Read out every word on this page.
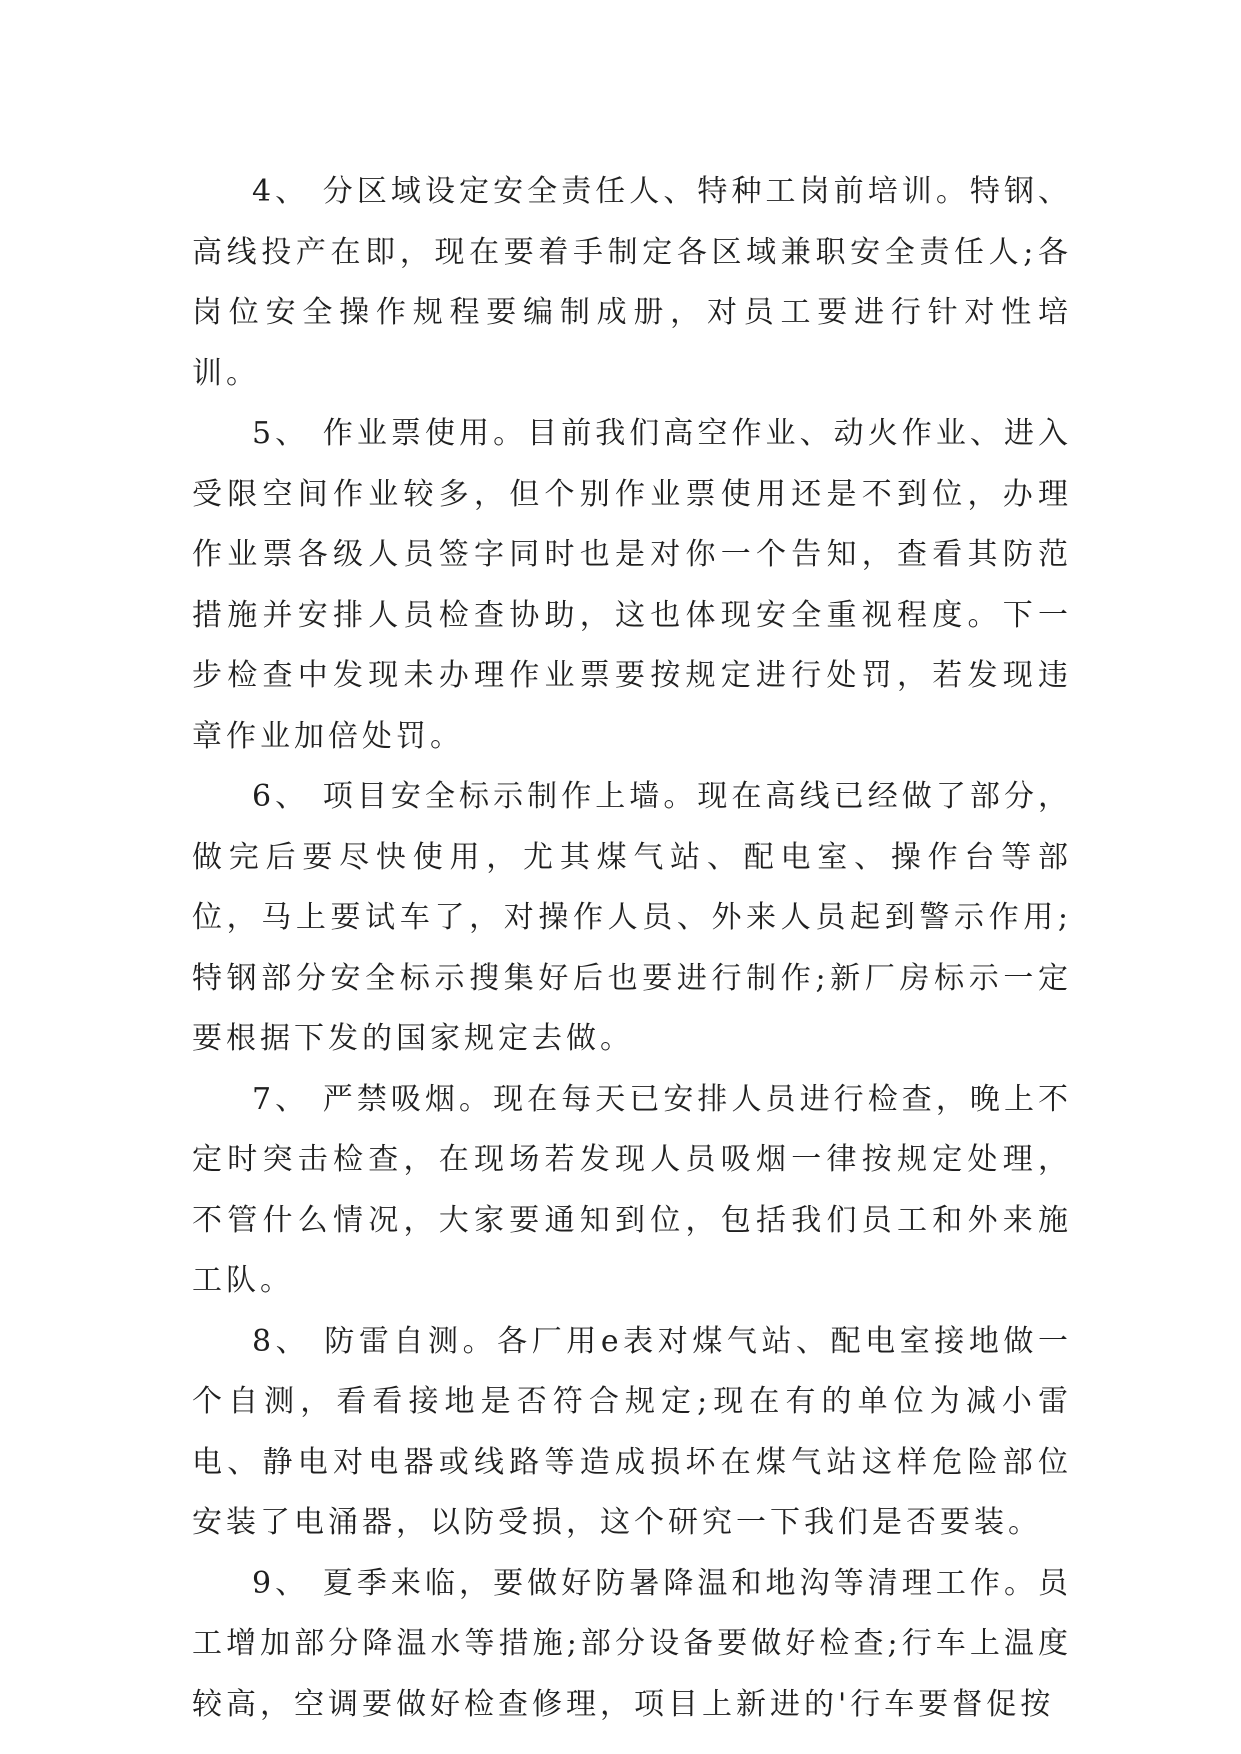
4、 分区域设定安全责任人、特种工岗前培训。特钢、高线投产在即，现在要着手制定各区域兼职安全责任人;各岗位安全操作规程要编制成册，对员工要进行针对性培训。

5、 作业票使用。目前我们高空作业、动火作业、进入受限空间作业较多，但个别作业票使用还是不到位，办理作业票各级人员签字同时也是对你一个告知，查看其防范措施并安排人员检查协助，这也体现安全重视程度。下一步检查中发现未办理作业票要按规定进行处罚，若发现违章作业加倍处罚。

6、 项目安全标示制作上墙。现在高线已经做了部分，做完后要尽快使用，尤其煤气站、配电室、操作台等部位，马上要试车了，对操作人员、外来人员起到警示作用;特钢部分安全标示搜集好后也要进行制作;新厂房标示一定要根据下发的国家规定去做。

7、 严禁吸烟。现在每天已安排人员进行检查，晚上不定时突击检查，在现场若发现人员吸烟一律按规定处理，不管什么情况，大家要通知到位，包括我们员工和外来施工队。

8、 防雷自测。各厂用e表对煤气站、配电室接地做一个自测，看看接地是否符合规定;现在有的单位为减小雷电、静电对电器或线路等造成损坏在煤气站这样危险部位安装了电涌器，以防受损，这个研究一下我们是否要装。

9、 夏季来临，要做好防暑降温和地沟等清理工作。员工增加部分降温水等措施;部分设备要做好检查;行车上温度较高，空调要做好检查修理，项目上新进的'行车要督促按
